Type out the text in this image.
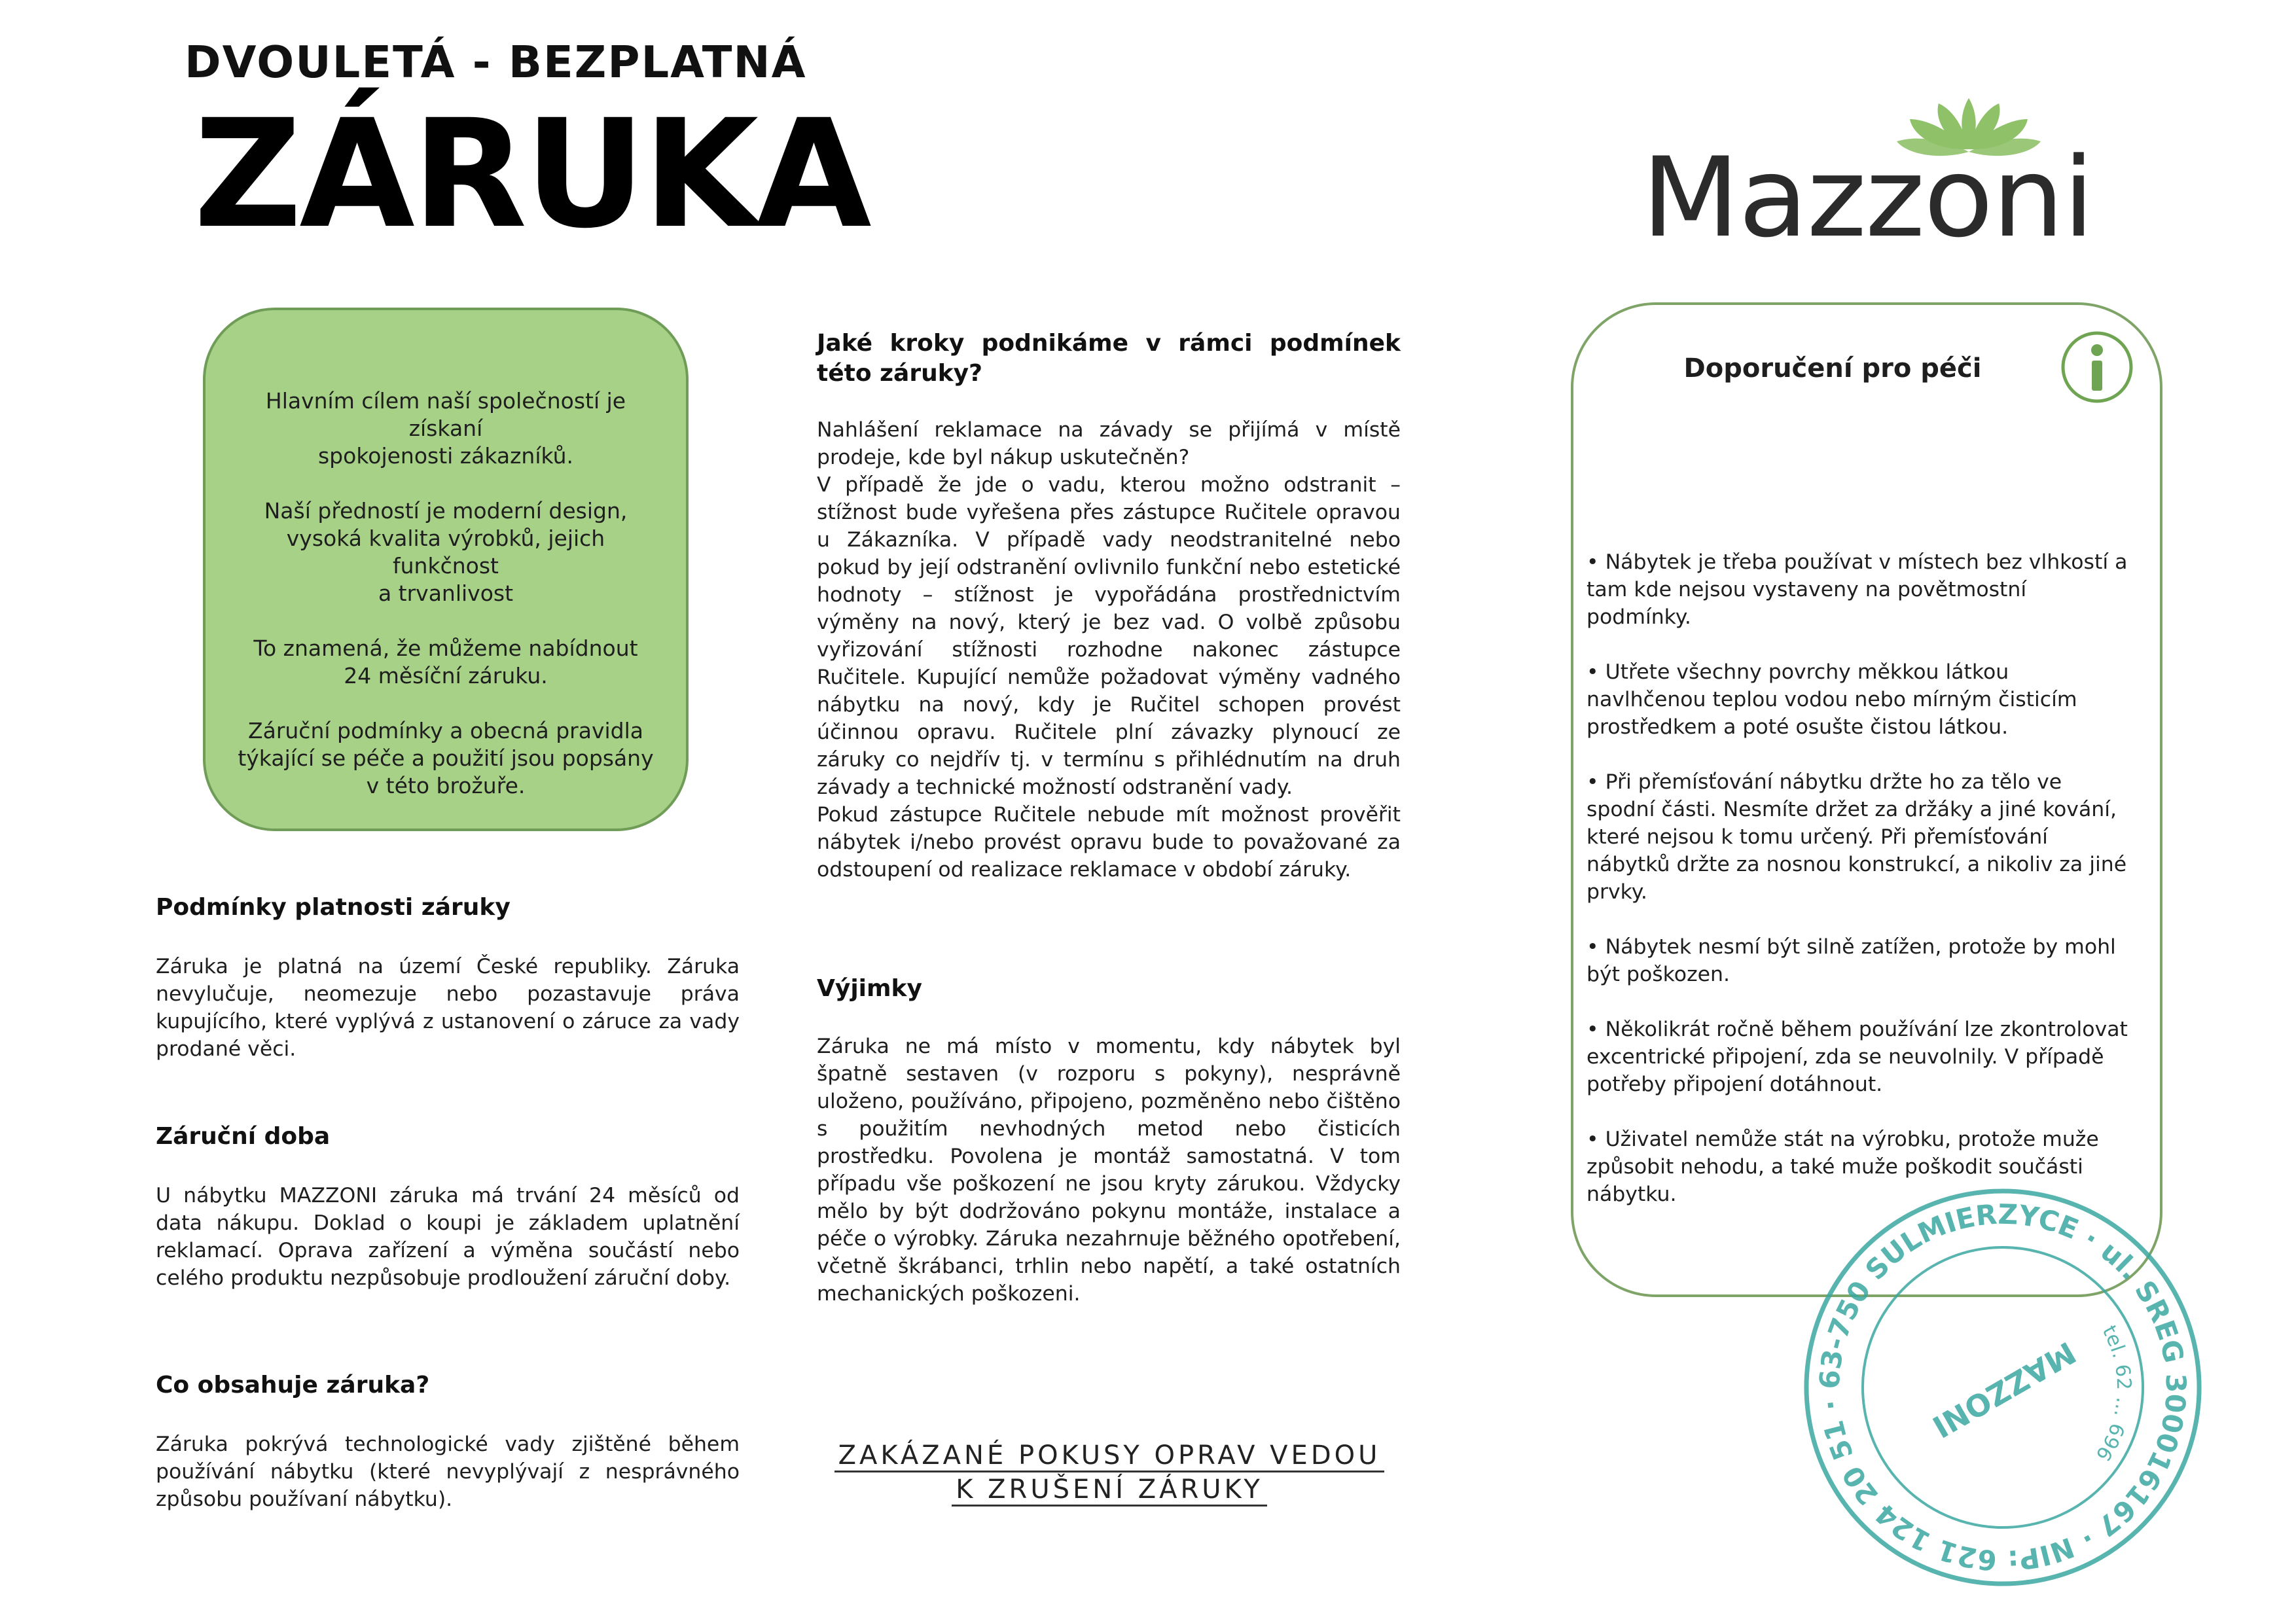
DVOULETÁ - BEZPLATNÁ
ZÁRUKA	Mazzoni

Hlavním cílem naší společností je získaní
spokojenosti zákazníků.

Naší předností je moderní design,
vysoká kvalita výrobků, jejich funkčnost
a trvanlivost

To znamená, že můžeme nabídnout
24 měsíční záruku.

Záruční podmínky a obecná pravidla
týkající se péče a použití jsou popsány
v této brožuře.

Podmínky platnosti záruky
Záruka je platná na území České republiky. Záruka nevylučuje, neomezuje nebo pozastavuje práva kupujícího, které vyplývá z ustanovení o záruce za vady prodané věci.
Záruční doba
U nábytku MAZZONI záruka má trvání 24 měsíců od data nákupu. Doklad o koupi je základem uplatnění reklamací. Oprava zařízení a výměna součástí nebo celého produktu nezpůsobuje prodloužení záruční doby.
Co obsahuje záruka?
Záruka pokrývá technologické vady zjištěné během používání nábytku (které nevyplývají z nesprávného způsobu používaní nábytku).
Jaké kroky podnikáme v rámci podmínek této záruky?
Nahlášení reklamace na závady se přijímá v místě prodeje, kde byl nákup uskutečněn?
V případě že jde o vadu, kterou možno odstranit – stížnost bude vyřešena přes zástupce Ručitele opravou u Zákazníka. V případě vady neodstranitelné nebo pokud by její odstranění ovlivnilo funkční nebo estetické hodnoty – stížnost je vypořádána prostřednictvím výměny na nový, který je bez vad. O volbě způsobu vyřizování stížnosti rozhodne nakonec zástupce Ručitele. Kupující nemůže požadovat výměny vadného nábytku na nový, kdy je Ručitel schopen provést účinnou opravu. Ručitele plní závazky plynoucí ze záruky co nejdřív tj. v termínu s přihlédnutím na druh závady a technické možností odstranění vady.
Pokud zástupce Ručitele nebude mít možnost prověřit nábytek i/nebo provést opravu bude to považované za odstoupení od realizace reklamace v období záruky.
Výjimky
Záruka ne má místo v momentu, kdy nábytek byl špatně sestaven (v rozporu s pokyny), nesprávně uloženo, používáno, připojeno, pozměněno nebo čištěno s použitím nevhodných metod nebo čisticích prostředku. Povolena je montáž samostatná. V tom případu vše poškození ne jsou kryty zárukou. Vždycky mělo by být dodržováno pokynu montáže, instalace a péče o výrobky. Záruka nezahrnuje běžného opotřebení, včetně škrábanci, trhlin nebo napětí, a také ostatních mechanických poškozeni.
ZAKÁZANÉ POKUSY OPRAV VEDOU
K ZRUŠENÍ ZÁRUKY
Doporučení pro péči

• Nábytek je třeba používat v místech bez vlhkostí a tam kde nejsou vystaveny na povětmostní podmínky.

• Utřete všechny povrchy měkkou látkou navlhčenou teplou vodou nebo mírným čisticím prostředkem a poté osušte čistou látkou.

• Při přemísťování nábytku držte ho za tělo ve spodní části. Nesmíte držet za držáky a jiné kování, které nejsou k tomu určený. Při přemísťování nábytků držte za nosnou konstrukcí, a nikoliv za jiné prvky.

• Nábytek nesmí být silně zatížen, protože by mohl být poškozen.

• Několikrát ročně během používání lze zkontrolovat excentrické připojení, zda se neuvolnily. V případě potřeby připojení dotáhnout.

• Uživatel nemůže stát na výrobku, protože muže způsobit nehodu, a také muže poškodit součásti nábytku.

REG 300016167 · NIP: 621 124 20 51 · 63-750 SULMIERZYCE · ul. Stryczyńskiego
tel. 62 … 696
MAZZONI
